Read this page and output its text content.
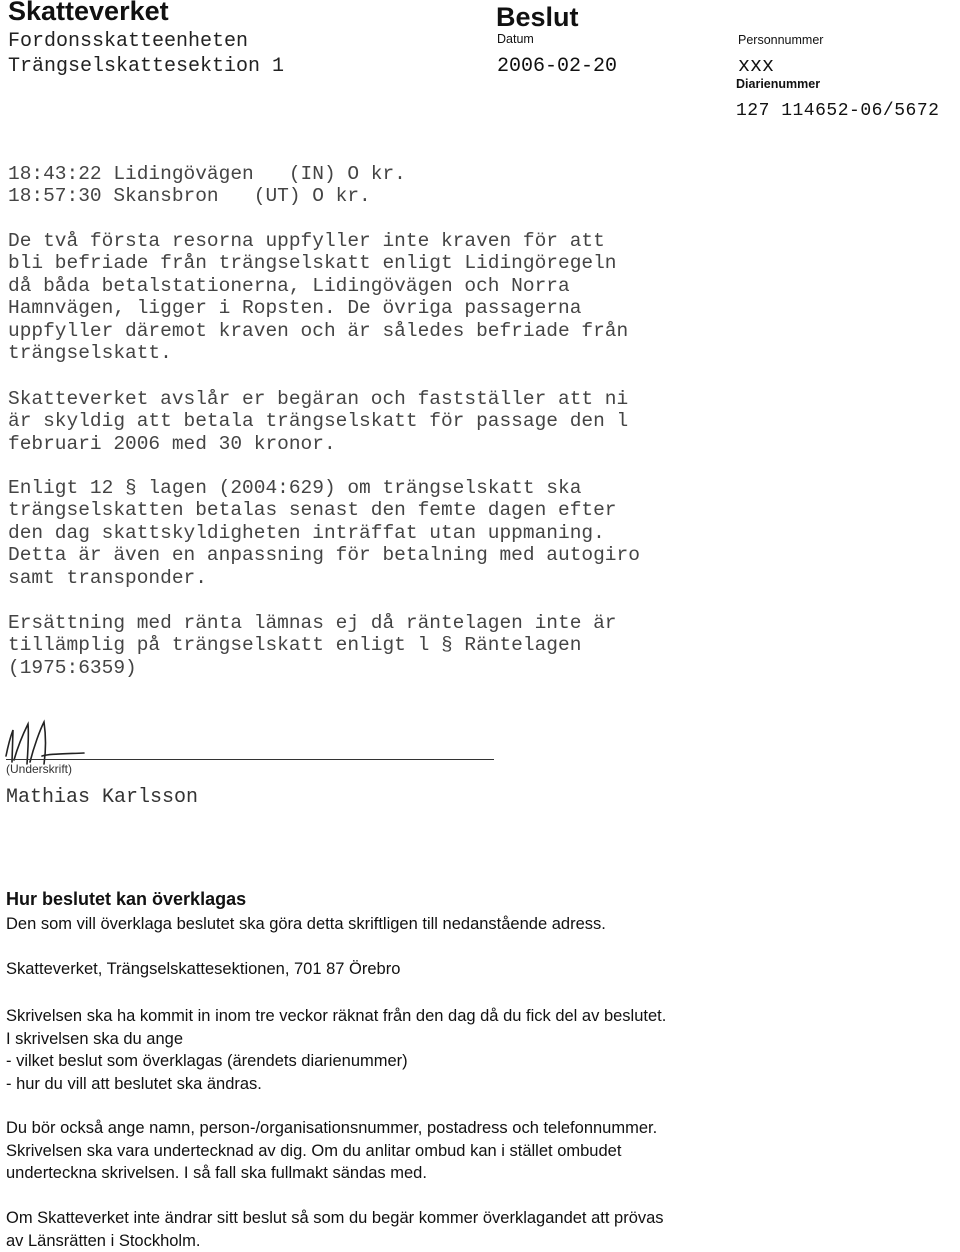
Skatteverket
Fordonsskatteenheten
Trängselskattesektion 1
Beslut
Datum
2006-02-20
Personnummer
xxx
Diarienummer
127 114652-06/5672
18:43:22 Lidingövägen   (IN) O kr.
18:57:30 Skansbron   (UT) O kr.
De två första resorna uppfyller inte kraven för att
bli befriade från trängselskatt enligt Lidingöregeln
då båda betalstationerna, Lidingövägen och Norra
Hamnvägen, ligger i Ropsten. De övriga passagerna
uppfyller däremot kraven och är således befriade från
trängselskatt.
Skatteverket avslår er begäran och fastställer att ni
är skyldig att betala trängselskatt för passage den l
februari 2006 med 30 kronor.
Enligt 12 § lagen (2004:629) om trängselskatt ska
trängselskatten betalas senast den femte dagen efter
den dag skattskyldigheten inträffat utan uppmaning.
Detta är även en anpassning för betalning med autogiro
samt transponder.
Ersättning med ränta lämnas ej då räntelagen inte är
tillämplig på trängselskatt enligt l § Räntelagen
(1975:6359)
(Underskrift)
Mathias Karlsson
Hur beslutet kan överklagas
Den som vill överklaga beslutet ska göra detta skriftligen till nedanstående adress.
Skatteverket, Trängselskattesektionen, 701 87 Örebro
Skrivelsen ska ha kommit in inom tre veckor räknat från den dag då du fick del av beslutet.
I skrivelsen ska du ange
- vilket beslut som överklagas (ärendets diarienummer)
- hur du vill att beslutet ska ändras.
Du bör också ange namn, person-/organisationsnummer, postadress och telefonnummer.
Skrivelsen ska vara undertecknad av dig. Om du anlitar ombud kan i stället ombudet
underteckna skrivelsen. I så fall ska fullmakt sändas med.
Om Skatteverket inte ändrar sitt beslut så som du begär kommer överklagandet att prövas
av Länsrätten i Stockholm.
